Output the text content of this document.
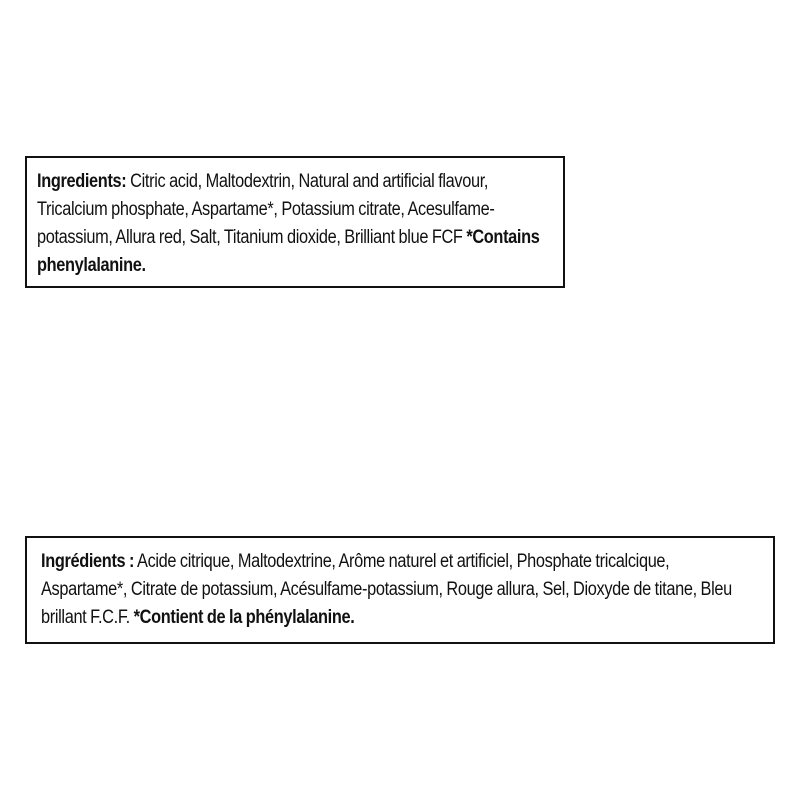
Ingredients: Citric acid, Maltodextrin, Natural and artificial flavour, Tricalcium phosphate, Aspartame*, Potassium citrate, Acesulfame-potassium, Allura red, Salt, Titanium dioxide, Brilliant blue FCF *Contains phenylalanine.

Ingrédients : Acide citrique, Maltodextrine, Arôme naturel et artificiel, Phosphate tricalcique, Aspartame*, Citrate de potassium, Acésulfame-potassium, Rouge allura, Sel, Dioxyde de titane, Bleu brillant F.C.F. *Contient de la phénylalanine.
